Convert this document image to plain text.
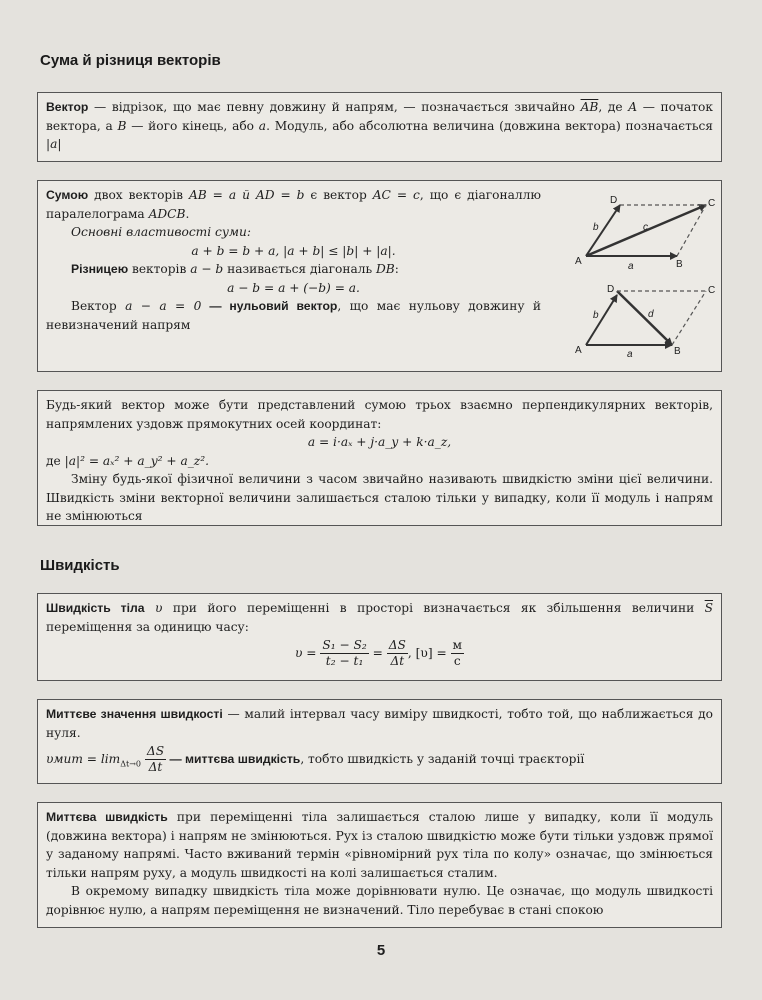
Сума й різниця векторів

Вектор — відрізок, що має певну довжину й напрям, — позначається звичайно $\overline{AB}$, де A — початок вектора, а B — його кінець, або a. Модуль, або абсолютна величина (довжина вектора) позначається |a|

Сумою двох векторів AB = a й AD = b є вектор AC = c, що є діагоналлю паралелограма ADCB.

Основні властивості суми:

a + b = b + a, |a + b| ≤ |b| + |a|.

Різницею векторів a − b називається діагональ DB:

a − b = a + (−b) = a.

Вектор a − a = 0 — нульовий вектор, що має нульову довжину й невизначений напрям

A	B
C
D
a
b	c
A	B
C
D
a
b	d

Будь-який вектор може бути представлений сумою трьох взаємно перпендикулярних векторів, напрямлених уздовж прямокутних осей координат:

a = i·aₓ + j·a_y + k·a_z,

де |a|² = aₓ² + a_y² + a_z².

Зміну будь-якої фізичної величини з часом звичайно називають швидкістю зміни цієї величини. Швидкість зміни векторної величини залишається сталою тільки у випадку, коли її модуль і напрям не змінюються

Швидкість

Швидкість тіла υ при його переміщенні в просторі визначається як збільшення величини $\overline{S}$ переміщення за одиницю часу:

$\upsilon = \frac{\text{S₁ − S₂}}{\text{t₂ − t₁}} = \frac{\Delta S}{\Delta t}$ , $[\upsilon] = \frac{м}{с}$

Миттєве значення швидкості — малий інтервал часу виміру швидкості, тобто той, що наближається до нуля.

$\upsilon мит = \lim_{\Delta t\to 0} \frac{\Delta S}{\Delta t}$ — миттєва швидкість, тобто швидкість у заданій точці траєкторії

Миттєва швидкість при переміщенні тіла залишається сталою лише у випадку, коли її модуль (довжина вектора) і напрям не змінюються. Рух із сталою швидкістю може бути тільки уздовж прямої у заданому напрямі. Часто вживаний термін «рівномірний рух тіла по колу» означає, що змінюється тільки напрям руху, а модуль швидкості на колі залишається сталим.

В окремому випадку швидкість тіла може дорівнювати нулю. Це означає, що модуль швидкості дорівнює нулю, а напрям переміщення не визначений. Тіло перебуває в стані спокою

5
